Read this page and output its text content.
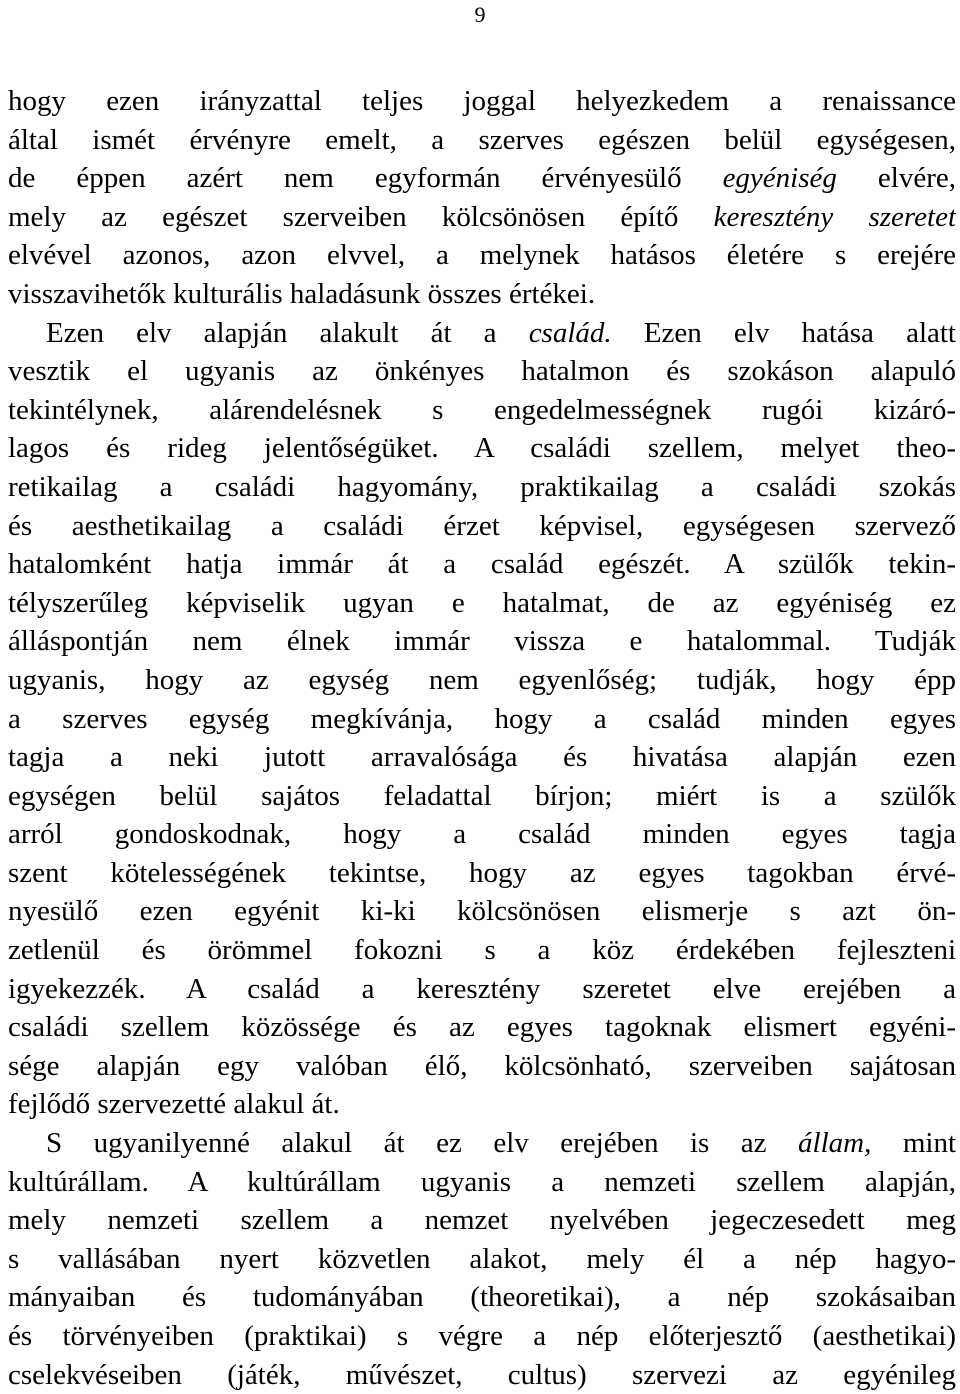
9
hogy ezen irányzattal teljes joggal helyezkedem a renaissance
által ismét érvényre emelt, a szerves egészen belül egységesen,
de éppen azért nem egyformán érvényesülő egyéniség elvére,
mely az egészet szerveiben kölcsönösen építő keresztény szeretet
elvével azonos, azon elvvel, a melynek hatásos életére s erejére
visszavihetők kulturális haladásunk összes értékei.
Ezen elv alapján alakult át a család. Ezen elv hatása alatt
vesztik el ugyanis az önkényes hatalmon és szokáson alapuló
tekintélynek, alárendelésnek s engedelmességnek rugói kizáró-
lagos és rideg jelentőségüket. A családi szellem, melyet theo-
retikailag a családi hagyomány, praktikailag a családi szokás
és aesthetikailag a családi érzet képvisel, egységesen szervező
hatalomként hatja immár át a család egészét. A szülők tekin-
télyszerűleg képviselik ugyan e hatalmat, de az egyéniség ez
álláspontján nem élnek immár vissza e hatalommal. Tudják
ugyanis, hogy az egység nem egyenlőség; tudják, hogy épp
a szerves egység megkívánja, hogy a család minden egyes
tagja a neki jutott arravalósága és hivatása alapján ezen
egységen belül sajátos feladattal bírjon; miért is a szülők
arról gondoskodnak, hogy a család minden egyes tagja
szent kötelességének tekintse, hogy az egyes tagokban érvé-
nyesülő ezen egyénit ki-ki kölcsönösen elismerje s azt ön-
zetlenül és örömmel fokozni s a köz érdekében fejleszteni
igyekezzék. A család a keresztény szeretet elve erejében a
családi szellem közössége és az egyes tagoknak elismert egyéni-
sége alapján egy valóban élő, kölcsönható, szerveiben sajátosan
fejlődő szervezetté alakul át.
S ugyanilyenné alakul át ez elv erejében is az állam, mint
kultúrállam. A kultúrállam ugyanis a nemzeti szellem alapján,
mely nemzeti szellem a nemzet nyelvében jegeczesedett meg
s vallásában nyert közvetlen alakot, mely él a nép hagyo-
mányaiban és tudományában (theoretikai), a nép szokásaiban
és törvényeiben (praktikai) s végre a nép előterjesztő (aesthetikai)
cselekvéseiben (játék, művészet, cultus) szervezi az egyénileg
